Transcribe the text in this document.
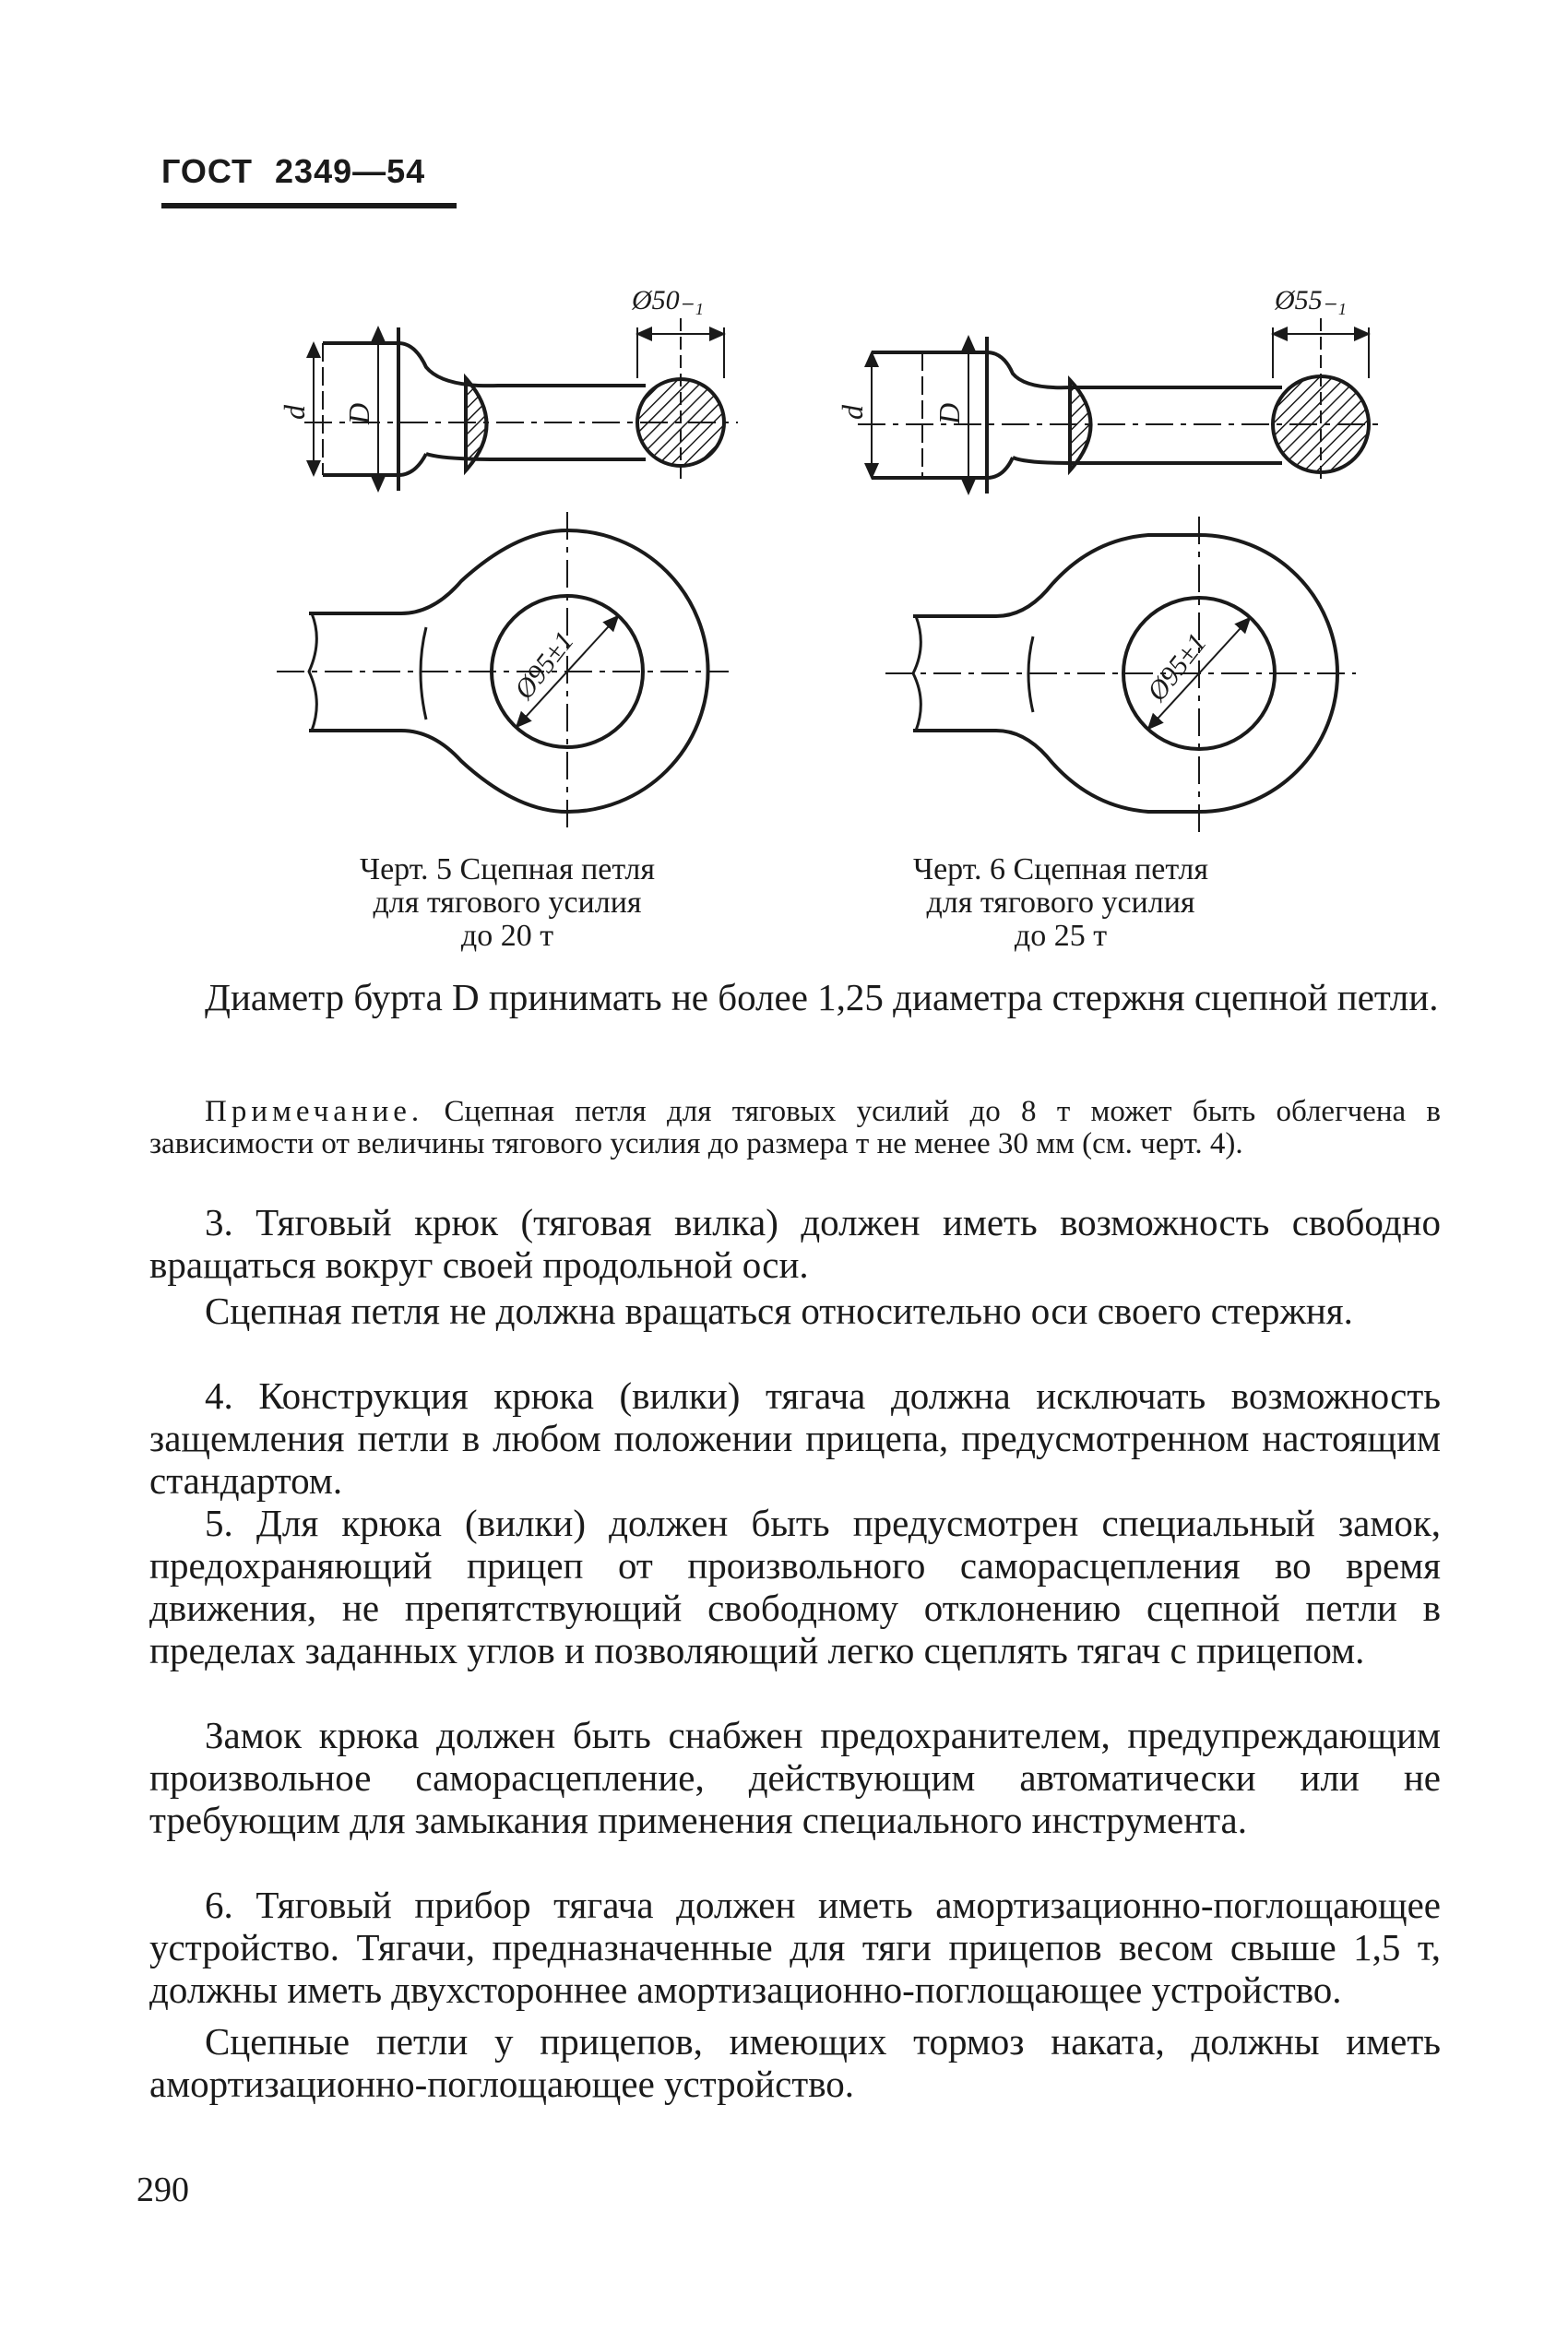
ГОСТ 2349—54
Ø50₋₁
d D
Ø95±1
Ø55₋₁
d D
Ø95±1
Черт. 5 Сцепная петля
для тягового усилия
до 20 т
Черт. 6 Сцепная петля
для тягового усилия
до 25 т
Диаметр бурта D принимать не более 1,25 диаметра стержня сцепной петли.
Примечание. Сцепная петля для тяговых усилий до 8 т может быть облегчена в зависимости от величины тягового усилия до размера т не менее 30 мм (см. черт. 4).
3. Тяговый крюк (тяговая вилка) должен иметь возможность свободно вращаться вокруг своей продольной оси.
Сцепная петля не должна вращаться относительно оси своего стержня.
4. Конструкция крюка (вилки) тягача должна исключать возможность защемления петли в любом положении прицепа, предусмотренном настоящим стандартом.
5. Для крюка (вилки) должен быть предусмотрен специальный замок, предохраняющий прицеп от произвольного саморасцепления во время движения, не препятствующий свободному отклонению сцепной петли в пределах заданных углов и позволяющий легко сцеплять тягач с прицепом.
Замок крюка должен быть снабжен предохранителем, предупреждающим произвольное саморасцепление, действующим автоматически или не требующим для замыкания применения специального инструмента.
6. Тяговый прибор тягача должен иметь амортизационно-поглощающее устройство. Тягачи, предназначенные для тяги прицепов весом свыше 1,5 т, должны иметь двухстороннее амортизационно-поглощающее устройство.
Сцепные петли у прицепов, имеющих тормоз наката, должны иметь амортизационно-поглощающее устройство.
290
